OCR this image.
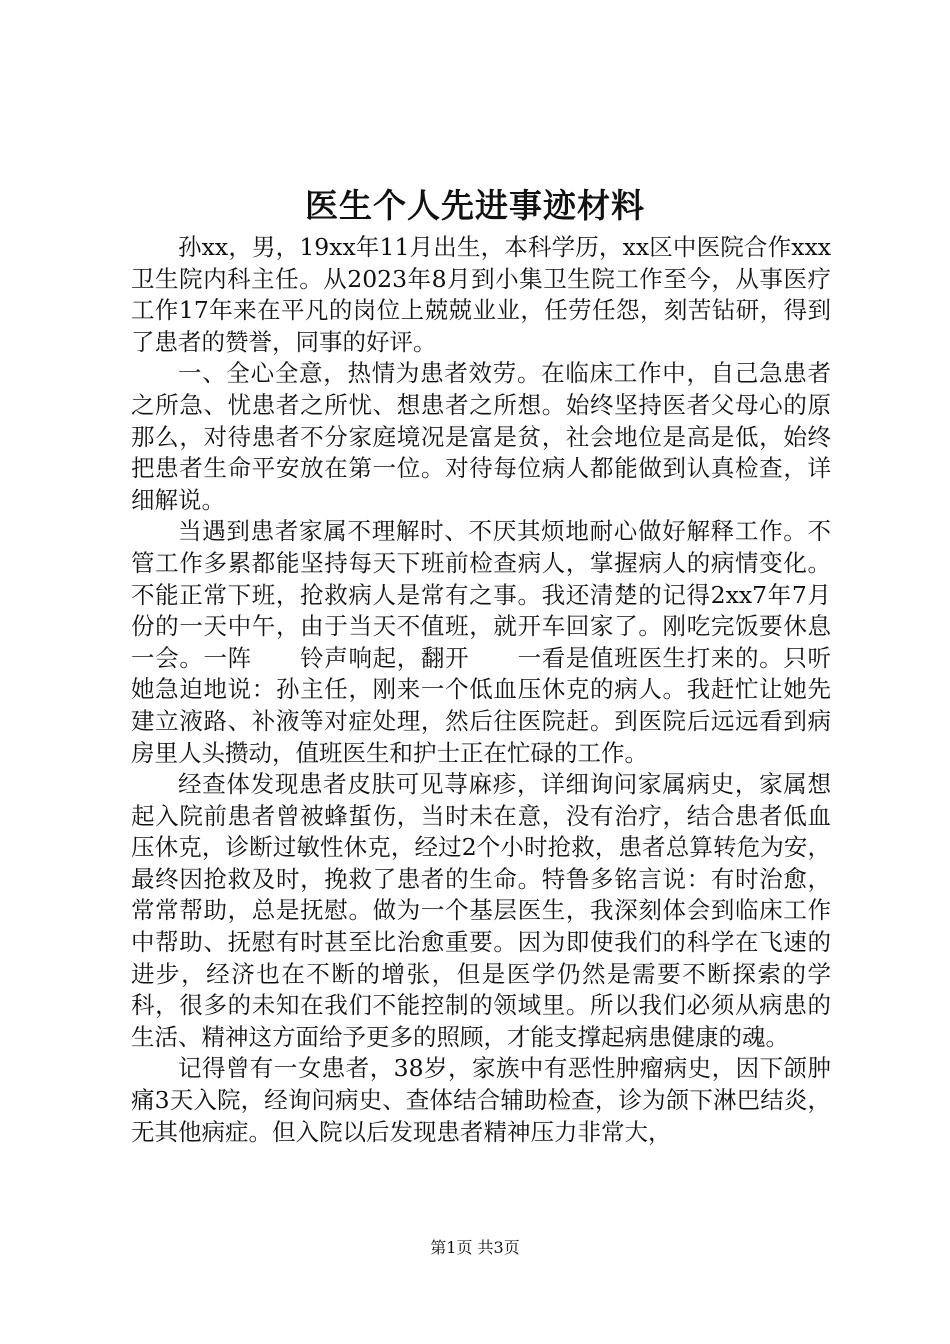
医生个人先进事迹材料

孙xx，男，19xx年11月出生，本科学历，xx区中医院合作xxx卫生院内科主任。从2023年8月到小集卫生院工作至今，从事医疗工作17年来在平凡的岗位上兢兢业业，任劳任怨，刻苦钻研，得到了患者的赞誉，同事的好评。

一、全心全意，热情为患者效劳。在临床工作中，自己急患者之所急、忧患者之所忧、想患者之所想。始终坚持医者父母心的原那么，对待患者不分家庭境况是富是贫，社会地位是高是低，始终把患者生命平安放在第一位。对待每位病人都能做到认真检查，详细解说。

当遇到患者家属不理解时、不厌其烦地耐心做好解释工作。不管工作多累都能坚持每天下班前检查病人，掌握病人的病情变化。不能正常下班，抢救病人是常有之事。我还清楚的记得2xx7年7月份的一天中午，由于当天不值班，就开车回家了。刚吃完饭要休息一会。一阵　　铃声响起，翻开　　一看是值班医生打来的。只听她急迫地说：孙主任，刚来一个低血压休克的病人。我赶忙让她先建立液路、补液等对症处理，然后往医院赶。到医院后远远看到病房里人头攒动，值班医生和护士正在忙碌的工作。

经查体发现患者皮肤可见荨麻疹，详细询问家属病史，家属想起入院前患者曾被蜂蜇伤，当时未在意，没有治疗，结合患者低血压休克，诊断过敏性休克，经过2个小时抢救，患者总算转危为安，最终因抢救及时，挽救了患者的生命。特鲁多铭言说：有时治愈，常常帮助，总是抚慰。做为一个基层医生，我深刻体会到临床工作中帮助、抚慰有时甚至比治愈重要。因为即使我们的科学在飞速的进步，经济也在不断的增张，但是医学仍然是需要不断探索的学科，很多的未知在我们不能控制的领域里。所以我们必须从病患的生活、精神这方面给予更多的照顾，才能支撑起病患健康的魂。

记得曾有一女患者，38岁，家族中有恶性肿瘤病史，因下颌肿痛3天入院，经询问病史、查体结合辅助检查，诊为颌下淋巴结炎，无其他病症。但入院以后发现患者精神压力非常大，

第1页 共3页
